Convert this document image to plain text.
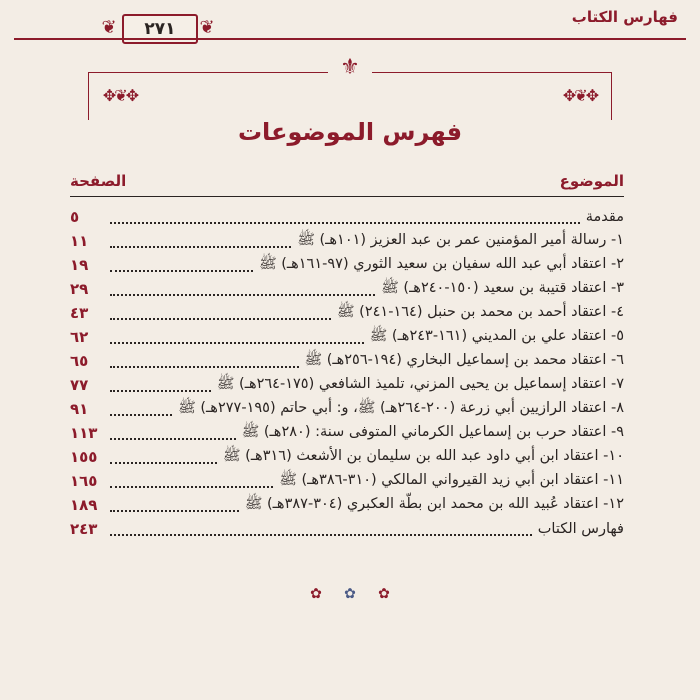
فهارس الكتاب
❦ ٢٧١ ❦
⚜
✥❦✥	✥❦✥
فهرس الموضوعات
الموضوع
الصفحة
مقدمة
٥
١- رسالة أمير المؤمنين عمر بن عبد العزيز (١٠١هـ) ﷺ
١١
٢- اعتقاد أبي عبد الله سفيان بن سعيد الثوري (٩٧-١٦١هـ) ﷺ
١٩
٣- اعتقاد قتيبة بن سعيد (١٥٠-٢٤٠هـ) ﷺ
٢٩
٤- اعتقاد أحمد بن محمد بن حنبل (١٦٤-٢٤١) ﷺ
٤٣
٥- اعتقاد علي بن المديني (١٦١-٢٤٣هـ) ﷺ
٦٢
٦- اعتقاد محمد بن إسماعيل البخاري (١٩٤-٢٥٦هـ) ﷺ
٦٥
٧- اعتقاد إسماعيل بن يحيى المزني، تلميذ الشافعي (١٧٥-٢٦٤هـ) ﷺ
٧٧
٨- اعتقاد الرازيين أبي زرعة (٢٠٠-٢٦٤هـ) ﷺ، و: أبي حاتم (١٩٥-٢٧٧هـ) ﷺ
٩١
٩- اعتقاد حرب بن إسماعيل الكرماني المتوفى سنة: (٢٨٠هـ) ﷺ
١١٣
١٠- اعتقاد ابن أبي داود عبد الله بن سليمان بن الأشعث (٣١٦هـ) ﷺ
١٥٥
١١- اعتقاد ابن أبي زيد القيرواني المالكي (٣١٠-٣٨٦هـ) ﷺ
١٦٥
١٢- اعتقاد عُبيد الله بن محمد ابن بطّة العكبري (٣٠٤-٣٨٧هـ) ﷺ
١٨٩
فهارس الكتاب
٢٤٣
✿ ✿ ✿
